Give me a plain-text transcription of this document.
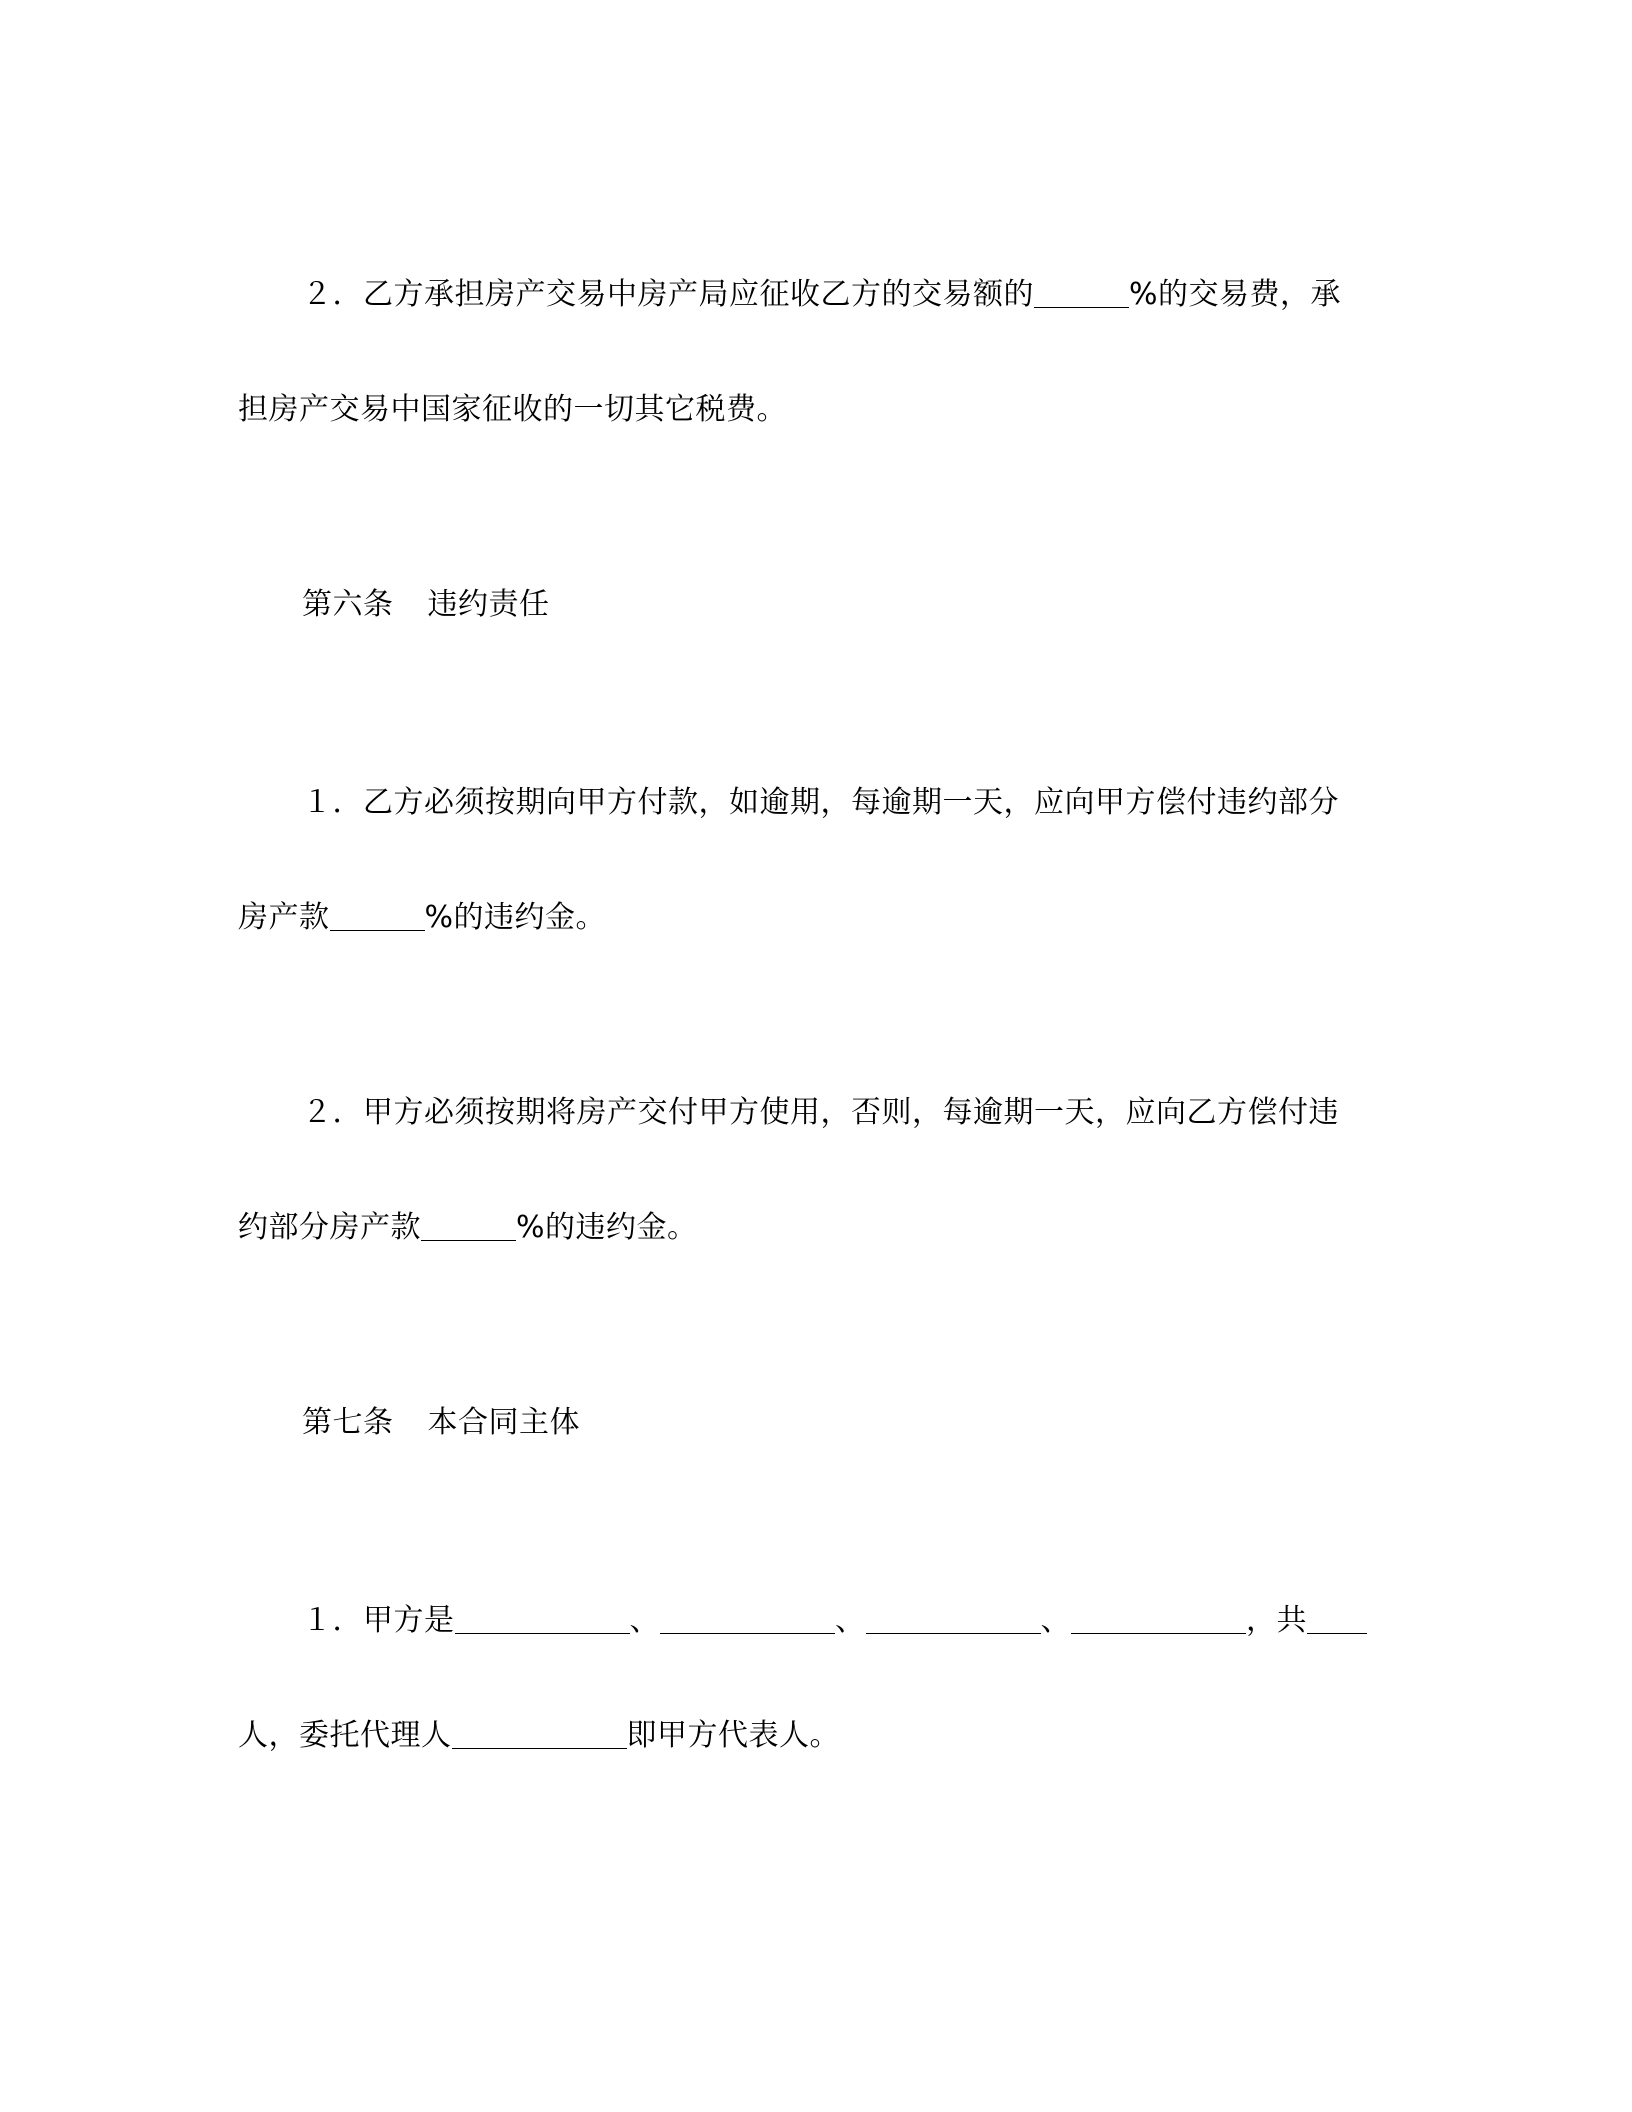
２．乙方承担房产交易中房产局应征收乙方的交易额的	%的交易费，承
担房产交易中国家征收的一切其它税费。
第六条 违约责任
１．乙方必须按期向甲方付款，如逾期，每逾期一天，应向甲方偿付违约部分
房产款	%的违约金。
２．甲方必须按期将房产交付甲方使用，否则，每逾期一天，应向乙方偿付违
约部分房产款	%的违约金。
第七条 本合同主体
１．甲方是	、	、	、	，共
人，委托代理人	即甲方代表人。
